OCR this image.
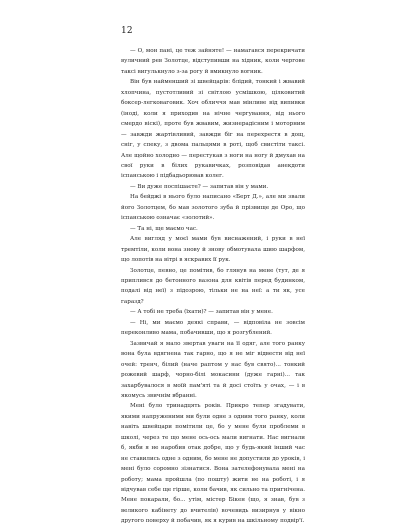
12

— О, мон пані, це теж зайняте! — намагався перекричати вуличний рев Золотце, відступивши на хідник, коли чергове таксі вигулькнуло з-за рогу й вмикнуло вогник.

Він був найменший зі швейцарів: блідий, тонкий і жвавий хлопчина, пустотливий зі світлою усмішкою, цілковитий боксер-легковаговик. Хоч обличчя мав мінливе від випивки (іноді, коли я приходив на нічне чергування, від нього смердо віскі), проте був жвавим, жизнерадісним і моторним — завжди жартівливий, завжди біг на перехрестя в дощ, сніг, у спеку, з двома пальцями в роті, щоб свистіти таксі. Але щойно холодно — перестукав з ноги на ногу й дмухав на свої руки в білих рукавичках, розповідав анекдоти іспанською і підбадьорював колег.

— Ви дуже поспішаєте? — запитав він у мами.

На бейджі в нього було написано «Берт Д.», але ми звали його Золотцем, бо мав золотого зуба й прізвище де Оро, що іспанською означає «золотий».

— Та ні, ще маємо час.

Але вигляд у моєї мами був виснажений, і руки в неї тремтіли, коли вона знову й знову обмотувала шию шарфом, що лопотів на вітрі в яскравих її рук.

Золотце, певно, це помітив, бо глянув на мене (тут, де я приплився до бетонного вазона для квітів перед будинком, подалі від неї) з підозрою, тільки не на неї: а ти як, усе гаразд?

— А тобі не треба (їхати)? — запитав він у мене.

— Ні, ми маємо деякі справи, — відповіла не зовсім переконливо мама, побачивши, що я розгублений.

Зазвичай я мало звертав уваги на її одяг, але того ранку вона була вдягнена так гарно, що я не міг відвести від неї очей: тренч, білий (наче раптом у нас був свято)... тонкий рожевий шарф, чорно-білі мокасини (дуже гарні)... так захарбувалося в моїй пам'яті та й досі стоїть у очах, — і в якомусь звичнім вбранні.

Мені було тринадцять років. Прикро тепер згадувати, якими напруженими ми були одне з одним того ранку, коли навіть швейцари помітили це, бо у мене були проблеми в школі, через те що мене ось-ось мали вигнати. Нас вигнали б, якби я не наробив отак добре, що у будь-який інший час не ставились одне з одним, бо мене не допустили до уроків, і мені було соромно зізнатися. Вона зателефонувала мені на роботу; мама пройшла (по пошту) жити не на роботі, і я відчував себе ще гірше, коли бачив, як сильно та пригнічена. Мене покарали, бо... утім, містер Бікен (що, я знав, був з великого кабінету до вчителів) вочевидь визирнув у вікно другого поверху й побачив, як я курив на шкільному подвір'ї.
